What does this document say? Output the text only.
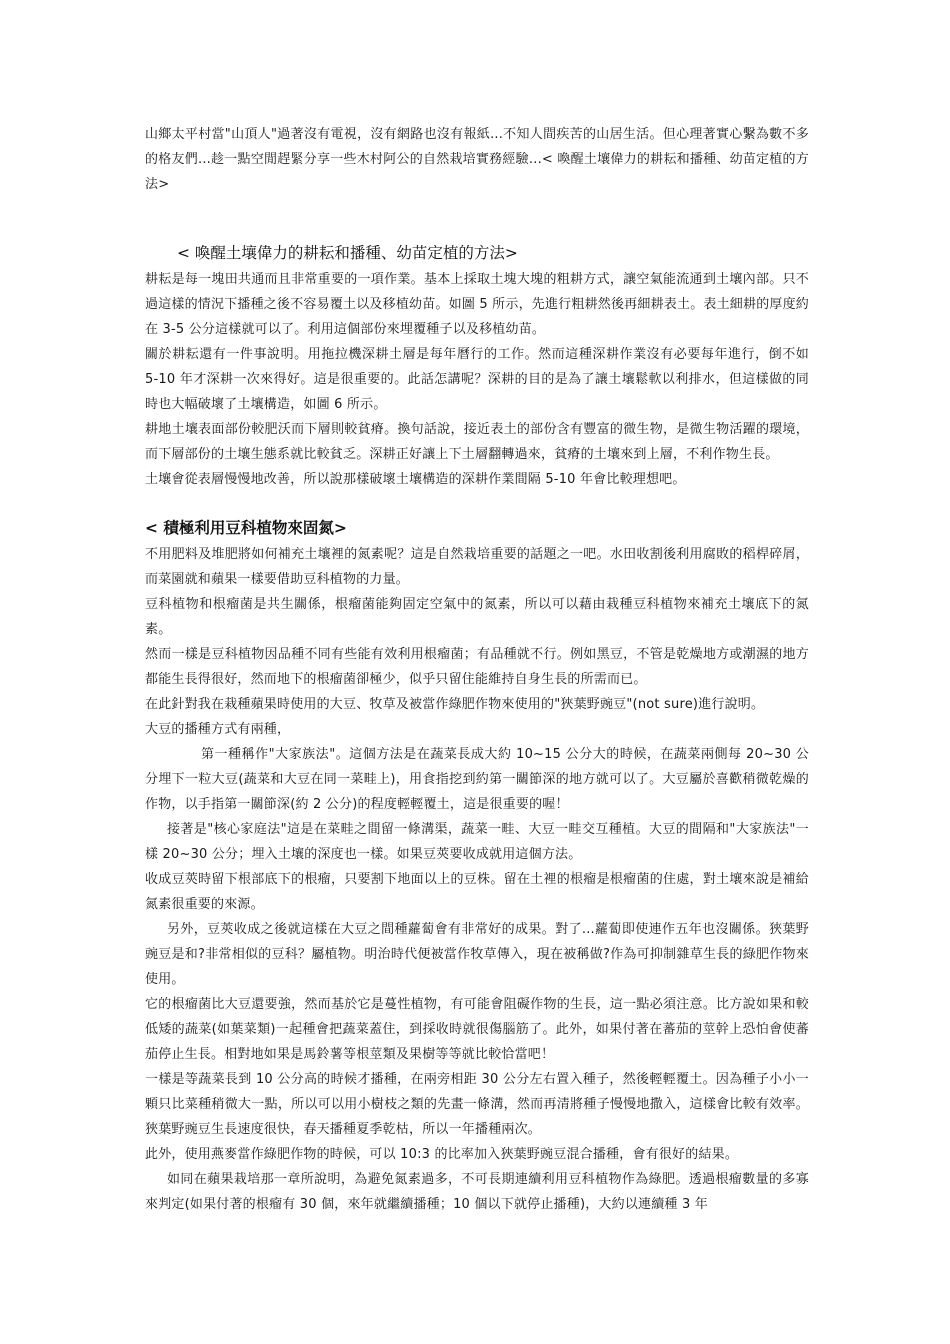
山鄉太平村當"山頂人"過著沒有電視，沒有網路也沒有報紙...不知人間疾苦的山居生活。但心理著實心繫為數不多的格友們...趁一點空閒趕緊分享一些木村阿公的自然栽培實務經驗...< 喚醒土壤偉力的耕耘和播種、幼苗定植的方法>

< 喚醒土壤偉力的耕耘和播種、幼苗定植的方法>

耕耘是每一塊田共通而且非常重要的一項作業。基本上採取土塊大塊的粗耕方式，讓空氣能流通到土壤內部。只不過這樣的情況下播種之後不容易覆土以及移植幼苗。如圖 5 所示，先進行粗耕然後再細耕表土。表土細耕的厚度約在 3-5 公分這樣就可以了。利用這個部份來埋覆種子以及移植幼苗。

關於耕耘還有一件事說明。用拖拉機深耕土層是每年曆行的工作。然而這種深耕作業沒有必要每年進行，倒不如 5-10 年才深耕一次來得好。這是很重要的。此話怎講呢？深耕的目的是為了讓土壤鬆軟以利排水，但這樣做的同時也大幅破壞了土壤構造，如圖 6 所示。

耕地土壤表面部份較肥沃而下層則較貧瘠。換句話說，接近表土的部份含有豐富的微生物，是微生物活躍的環境，而下層部份的土壤生態系就比較貧乏。深耕正好讓上下土層翻轉過來，貧瘠的土壤來到上層，不利作物生長。

土壤會從表層慢慢地改善，所以說那樣破壞土壤構造的深耕作業間隔 5-10 年會比較理想吧。

< 積極利用豆科植物來固氮>

不用肥料及堆肥將如何補充土壤裡的氮素呢？這是自然栽培重要的話題之一吧。水田收割後利用腐敗的稻桿碎屑，而菜園就和蘋果一樣要借助豆科植物的力量。

豆科植物和根瘤菌是共生關係，根瘤菌能夠固定空氣中的氮素，所以可以藉由栽種豆科植物來補充土壤底下的氮素。

然而一樣是豆科植物因品種不同有些能有效利用根瘤菌；有品種就不行。例如黑豆，不管是乾燥地方或潮濕的地方都能生長得很好，然而地下的根瘤菌卻極少，似乎只留住能維持自身生長的所需而已。

在此針對我在栽種蘋果時使用的大豆、牧草及被當作綠肥作物來使用的"狹葉野豌豆"(not sure)進行說明。

大豆的播種方式有兩種，

第一種稱作"大家族法"。這個方法是在蔬菜長成大約 10~15 公分大的時候，在蔬菜兩側每 20~30 公分埋下一粒大豆(蔬菜和大豆在同一菜畦上)，用食指挖到約第一關節深的地方就可以了。大豆屬於喜歡稍微乾燥的作物，以手指第一關節深(約 2 公分)的程度輕輕覆土，這是很重要的喔！

接著是"核心家庭法"這是在菜畦之間留一條溝渠，蔬菜一畦、大豆一畦交互種植。大豆的間隔和"大家族法"一樣 20~30 公分；埋入土壤的深度也一樣。如果豆莢要收成就用這個方法。

收成豆莢時留下根部底下的根瘤，只要割下地面以上的豆株。留在土裡的根瘤是根瘤菌的住處，對土壤來說是補給氮素很重要的來源。

另外，豆莢收成之後就這樣在大豆之間種蘿蔔會有非常好的成果。對了...蘿蔔即使連作五年也沒關係。狹葉野豌豆是和?非常相似的豆科？屬植物。明治時代便被當作牧草傳入，現在被稱做?作為可抑制雜草生長的綠肥作物來使用。

它的根瘤菌比大豆還要強，然而基於它是蔓性植物，有可能會阻礙作物的生長，這一點必須注意。比方說如果和較低矮的蔬菜(如葉菜類)一起種會把蔬菜蓋住，到採收時就很傷腦筋了。此外，如果付著在蕃茄的莖幹上恐怕會使蕃茄停止生長。相對地如果是馬鈴薯等根莖類及果樹等等就比較恰當吧！

一樣是等蔬菜長到 10 公分高的時候才播種，在兩旁相距 30 公分左右置入種子，然後輕輕覆土。因為種子小小一顆只比菜種稍微大一點，所以可以用小樹枝之類的先畫一條溝，然而再清將種子慢慢地撒入，這樣會比較有效率。狹葉野豌豆生長速度很快，春天播種夏季乾枯，所以一年播種兩次。

此外，使用燕麥當作綠肥作物的時候，可以 10:3 的比率加入狹葉野豌豆混合播種，會有很好的結果。

如同在蘋果栽培那一章所說明，為避免氮素過多，不可長期連續利用豆科植物作為綠肥。透過根瘤數量的多寡來判定(如果付著的根瘤有 30 個，來年就繼續播種；10 個以下就停止播種)，大約以連續種 3 年
